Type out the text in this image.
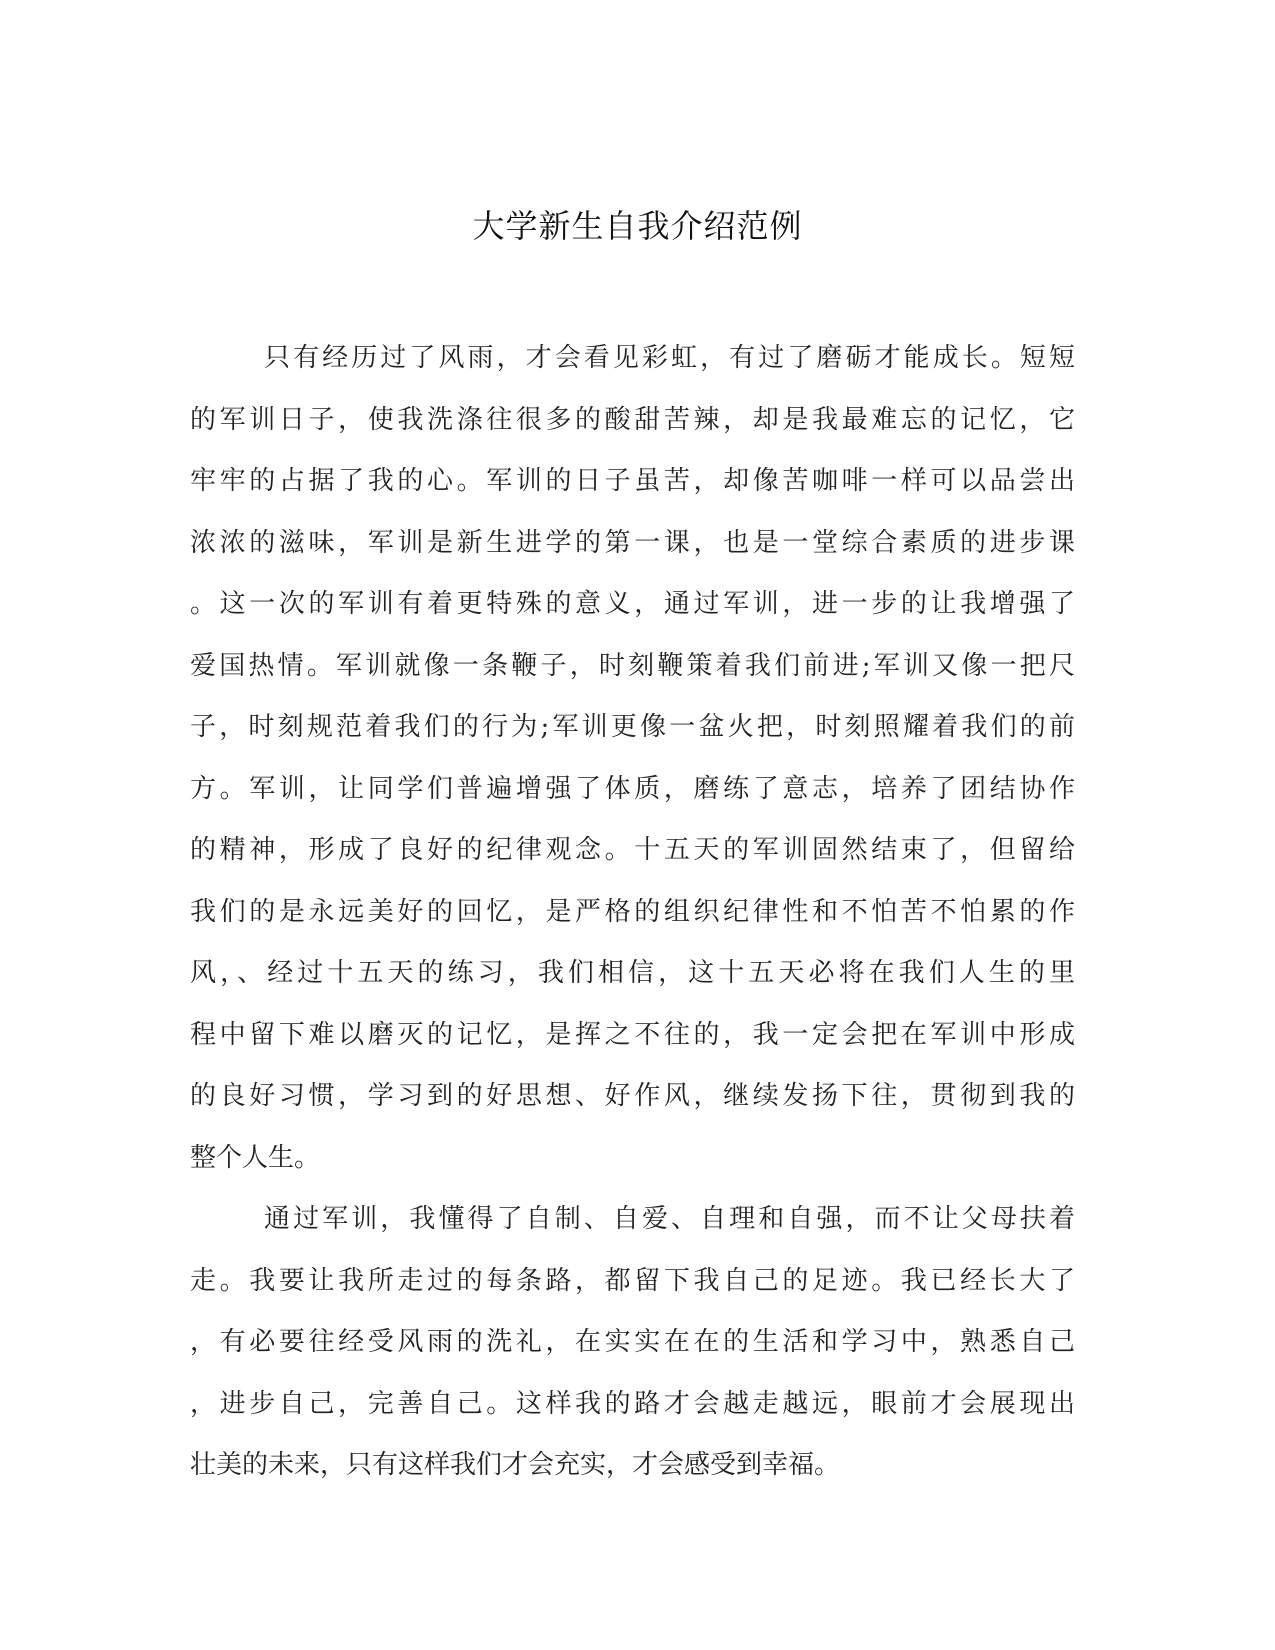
大学新生自我介绍范例
只有经历过了风雨，才会看见彩虹，有过了磨砺才能成长。短短
的军训日子，使我洗涤往很多的酸甜苦辣，却是我最难忘的记忆，它
牢牢的占据了我的心。军训的日子虽苦，却像苦咖啡一样可以品尝出
浓浓的滋味，军训是新生进学的第一课，也是一堂综合素质的进步课
。这一次的军训有着更特殊的意义，通过军训，进一步的让我增强了
爱国热情。军训就像一条鞭子，时刻鞭策着我们前进;军训又像一把尺
子，时刻规范着我们的行为;军训更像一盆火把，时刻照耀着我们的前
方。军训，让同学们普遍增强了体质，磨练了意志，培养了团结协作
的精神，形成了良好的纪律观念。十五天的军训固然结束了，但留给
我们的是永远美好的回忆，是严格的组织纪律性和不怕苦不怕累的作
风，、经过十五天的练习，我们相信，这十五天必将在我们人生的里
程中留下难以磨灭的记忆，是挥之不往的，我一定会把在军训中形成
的良好习惯，学习到的好思想、好作风，继续发扬下往，贯彻到我的
整个人生。
通过军训，我懂得了自制、自爱、自理和自强，而不让父母扶着
走。我要让我所走过的每条路，都留下我自己的足迹。我已经长大了
，有必要往经受风雨的洗礼，在实实在在的生活和学习中，熟悉自己
，进步自己，完善自己。这样我的路才会越走越远，眼前才会展现出
壮美的未来，只有这样我们才会充实，才会感受到幸福。
